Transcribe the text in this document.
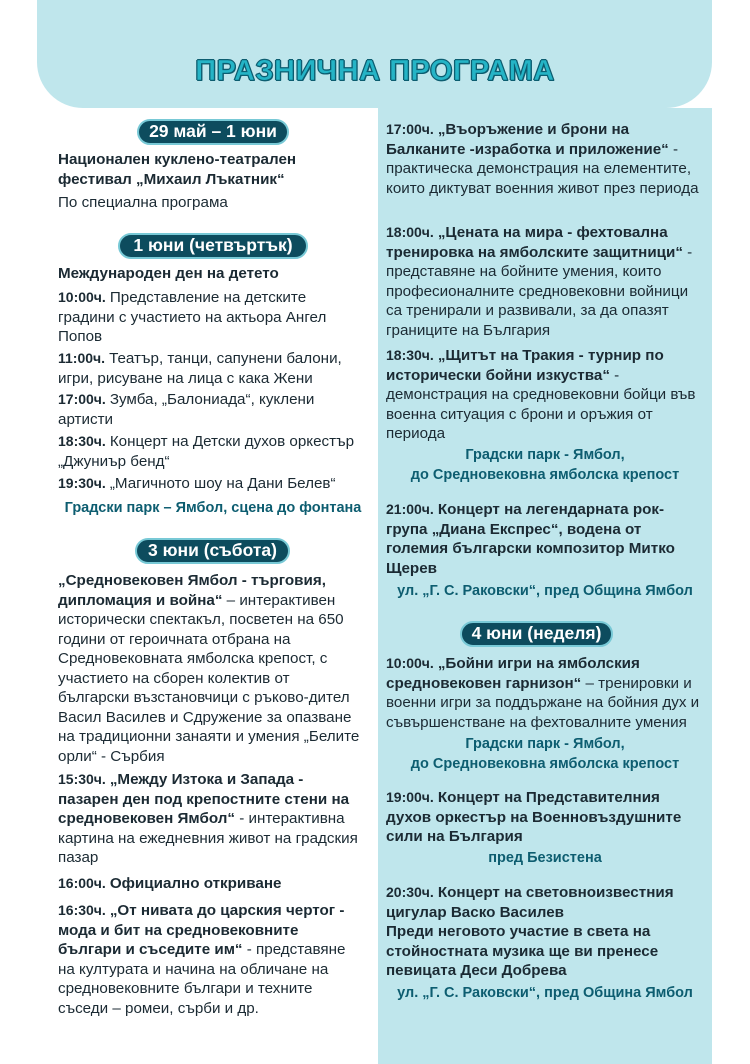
ПРАЗНИЧНА ПРОГРАМА
29 май – 1 юни
Национален куклено-театрален фестивал „Михаил Лъкатник“
По специална програма
1 юни (четвъртък)
Международен ден на детето
10:00ч. Представление на детските градини с участието на актьора Ангел Попов
11:00ч. Театър, танци, сапунени балони, игри, рисуване на лица с кака Жени
17:00ч. Зумба, „Балониада“, куклени артисти
18:30ч. Концерт на Детски духов оркестър „Джуниър бенд“
19:30ч. „Магичното шоу на Дани Белев“
Градски парк – Ямбол, сцена до фонтана
3 юни (събота)
„Средновековен Ямбол - търговия, дипломация и война“ – интерактивен исторически спектакъл, посветен на 650 години от героичната отбрана на Средновековната ямболска крепост, с участието на сборен колектив от български възстановчици с ръково-дител Васил Василев и Сдружение за опазване на традиционни занаяти и умения „Белите орли“ - Сърбия
15:30ч. „Между Изтока и Запада - пазарен ден под крепостните стени на средновековен Ямбол“ - интерактивна картина на ежедневния живот на градския пазар
16:00ч. Официално откриване
16:30ч. „От нивата до царския чертог - мода и бит на средновековните българи и съседите им“ - представяне на културата и начина на обличане на средновековните българи и техните съседи – ромеи, сърби и др.
17:00ч. „Въоръжение и брони на Балканите -изработка и приложение“ - практическа демонстрация на елементите, които диктуват военния живот през периода
18:00ч. „Цената на мира - фехтовална тренировка на ямболските защитници“ - представяне на бойните умения, които професионалните средновековни войници са тренирали и развивали, за да опазят границите на България
18:30ч. „Щитът на Тракия - турнир по исторически бойни изкуства“ - демонстрация на средновековни бойци във военна ситуация с брони и оръжия от периода
Градски парк - Ямбол,
до Средновековна ямболска крепост
21:00ч. Концерт на легендарната рок-група „Диана Експрес“, водена от големия български композитор Митко Щерев
ул. „Г. С. Раковски“, пред Община Ямбол
4 юни (неделя)
10:00ч. „Бойни игри на ямболския средновековен гарнизон“ – тренировки и военни игри за поддържане на бойния дух и съвършенстване на фехтовалните умения
Градски парк - Ямбол,
до Средновековна ямболска крепост
19:00ч. Концерт на Представителния духов оркестър на Военновъздушните сили на България
пред Безистена
20:30ч. Концерт на световноизвестния цигулар Васко Василев
Преди неговото участие в света на стойностната музика ще ви пренесе певицата Деси Добрева
ул. „Г. С. Раковски“, пред Община Ямбол
